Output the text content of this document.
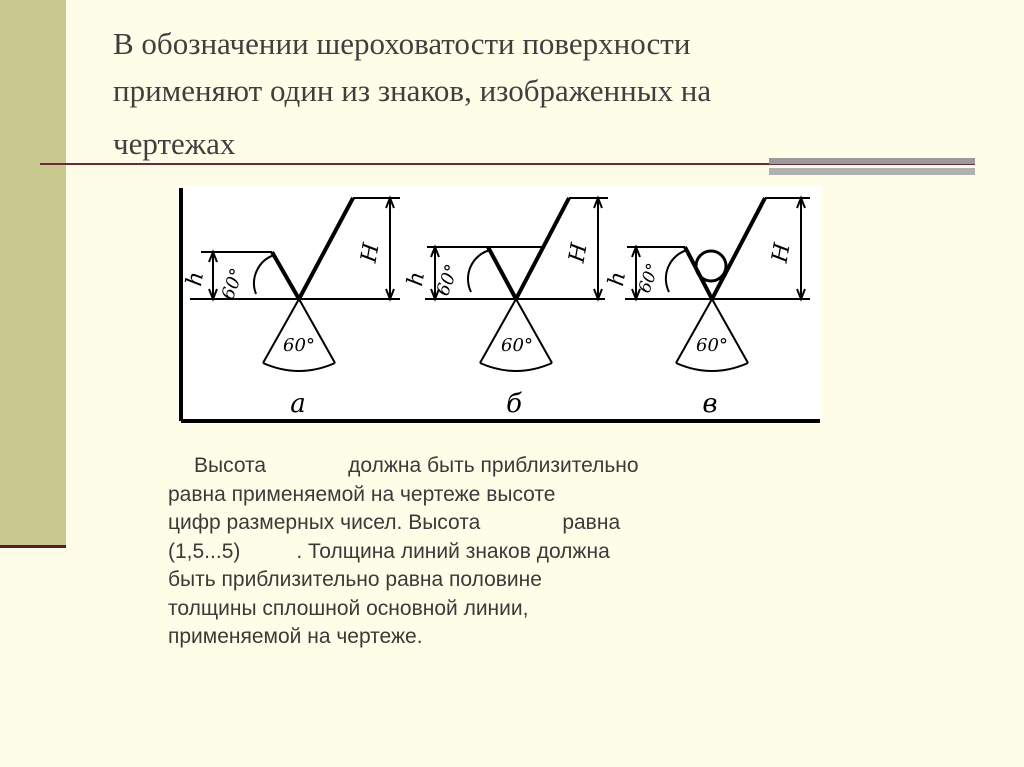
В обозначении шероховатости поверхности
применяют один из знаков, изображенных на
чертежах
H
h 60°
60°
а
H
h 60°
60°
б
H
h 60°
60°
в

Высота	должна быть приблизительно
равна применяемой на чертеже высоте
цифр размерных чисел. Высота	равна
(1,5...5)	. Толщина линий знаков должна
быть приблизительно равна половине
толщины сплошной основной линии,
применяемой на чертеже.
